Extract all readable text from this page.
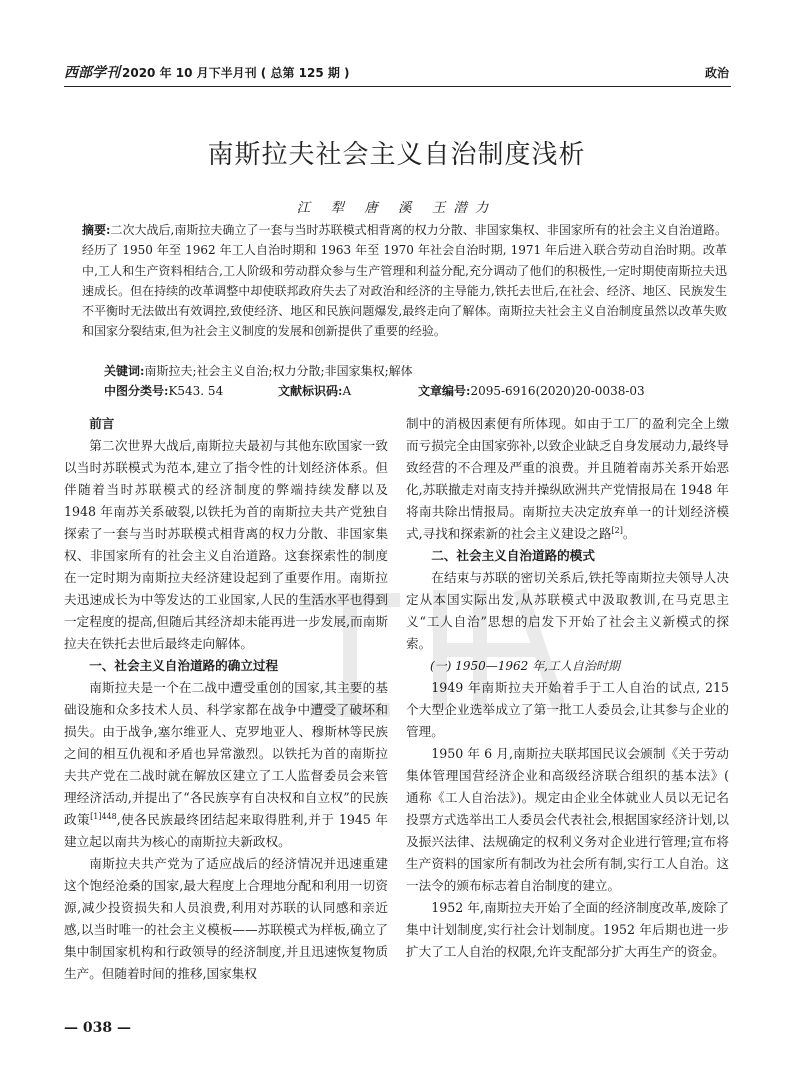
西部学刊 2020 年 10 月下半月刊 ( 总第 125 期 )	政治
南斯拉夫社会主义自治制度浅析
江 犁 唐 溪 王潜力
摘要:二次大战后,南斯拉夫确立了一套与当时苏联模式相背离的权力分散、非国家集权、非国家所有的社会主义自治道路。经历了 1950 年至 1962 年工人自治时期和 1963 年至 1970 年社会自治时期, 1971 年后进入联合劳动自治时期。改革中,工人和生产资料相结合,工人阶级和劳动群众参与生产管理和利益分配,充分调动了他们的积极性,一定时期使南斯拉夫迅速成长。但在持续的改革调整中却使联邦政府失去了对政治和经济的主导能力,铁托去世后,在社会、经济、地区、民族发生不平衡时无法做出有效调控,致使经济、地区和民族问题爆发,最终走向了解体。南斯拉夫社会主义自治制度虽然以改革失败和国家分裂结束,但为社会主义制度的发展和创新提供了重要的经验。
关键词:南斯拉夫;社会主义自治;权力分散;非国家集权;解体
中图分类号:K543. 54	文献标识码:A	文章编号:2095-6916(2020)20-0038-03
前言

第二次世界大战后,南斯拉夫最初与其他东欧国家一致以当时苏联模式为范本,建立了指令性的计划经济体系。但伴随着当时苏联模式的经济制度的弊端持续发酵以及 1948 年南苏关系破裂,以铁托为首的南斯拉夫共产党独自探索了一套与当时苏联模式相背离的权力分散、非国家集权、非国家所有的社会主义自治道路。这套探索性的制度在一定时期为南斯拉夫经济建设起到了重要作用。南斯拉夫迅速成长为中等发达的工业国家,人民的生活水平也得到一定程度的提高,但随后其经济却未能再进一步发展,而南斯拉夫在铁托去世后最终走向解体。

一、社会主义自治道路的确立过程

南斯拉夫是一个在二战中遭受重创的国家,其主要的基础设施和众多技术人员、科学家都在战争中遭受了破坏和损失。由于战争,塞尔维亚人、克罗地亚人、穆斯林等民族之间的相互仇视和矛盾也异常激烈。以铁托为首的南斯拉夫共产党在二战时就在解放区建立了工人监督委员会来管理经济活动,并提出了“各民族享有自决权和自立权”的民族政策$^{[1]448}$,使各民族最终团结起来取得胜利,并于 1945 年建立起以南共为核心的南斯拉夫新政权。

南斯拉夫共产党为了适应战后的经济情况并迅速重建这个饱经沧桑的国家,最大程度上合理地分配和利用一切资源,减少投资损失和人员浪费,利用对苏联的认同感和亲近感,以当时唯一的社会主义模板——苏联模式为样板,确立了集中制国家机构和行政领导的经济制度,并且迅速恢复物质生产。但随着时间的推移,国家集权

制中的消极因素便有所体现。如由于工厂的盈利完全上缴而亏损完全由国家弥补,以致企业缺乏自身发展动力,最终导致经营的不合理及严重的浪费。并且随着南苏关系开始恶化,苏联撤走对南支持并操纵欧洲共产党情报局在 1948 年将南共除出情报局。南斯拉夫决定放弃单一的计划经济模式,寻找和探索新的社会主义建设之路[2]。

二、社会主义自治道路的模式

在结束与苏联的密切关系后,铁托等南斯拉夫领导人决定从本国实际出发,从苏联模式中汲取教训,在马克思主义“工人自治”思想的启发下开始了社会主义新模式的探索。

(一) 1950—1962 年,工人自治时期

1949 年南斯拉夫开始着手于工人自治的试点, 215 个大型企业选举成立了第一批工人委员会,让其参与企业的管理。

1950 年 6 月,南斯拉夫联邦国民议会颁制《关于劳动集体管理国营经济企业和高级经济联合组织的基本法》( 通称《工人自治法》)。规定由企业全体就业人员以无记名投票方式选举出工人委员会代表社会,根据国家经济计划,以及振兴法律、法规确定的权利义务对企业进行管理;宣布将生产资料的国家所有制改为社会所有制,实行工人自治。这一法令的颁布标志着自治制度的建立。

1952 年,南斯拉夫开始了全面的经济制度改革,废除了集中计划制度,实行社会计划制度。1952 年后期也进一步扩大了工人自治的权限,允许支配部分扩大再生产的资金。

— 038 —
